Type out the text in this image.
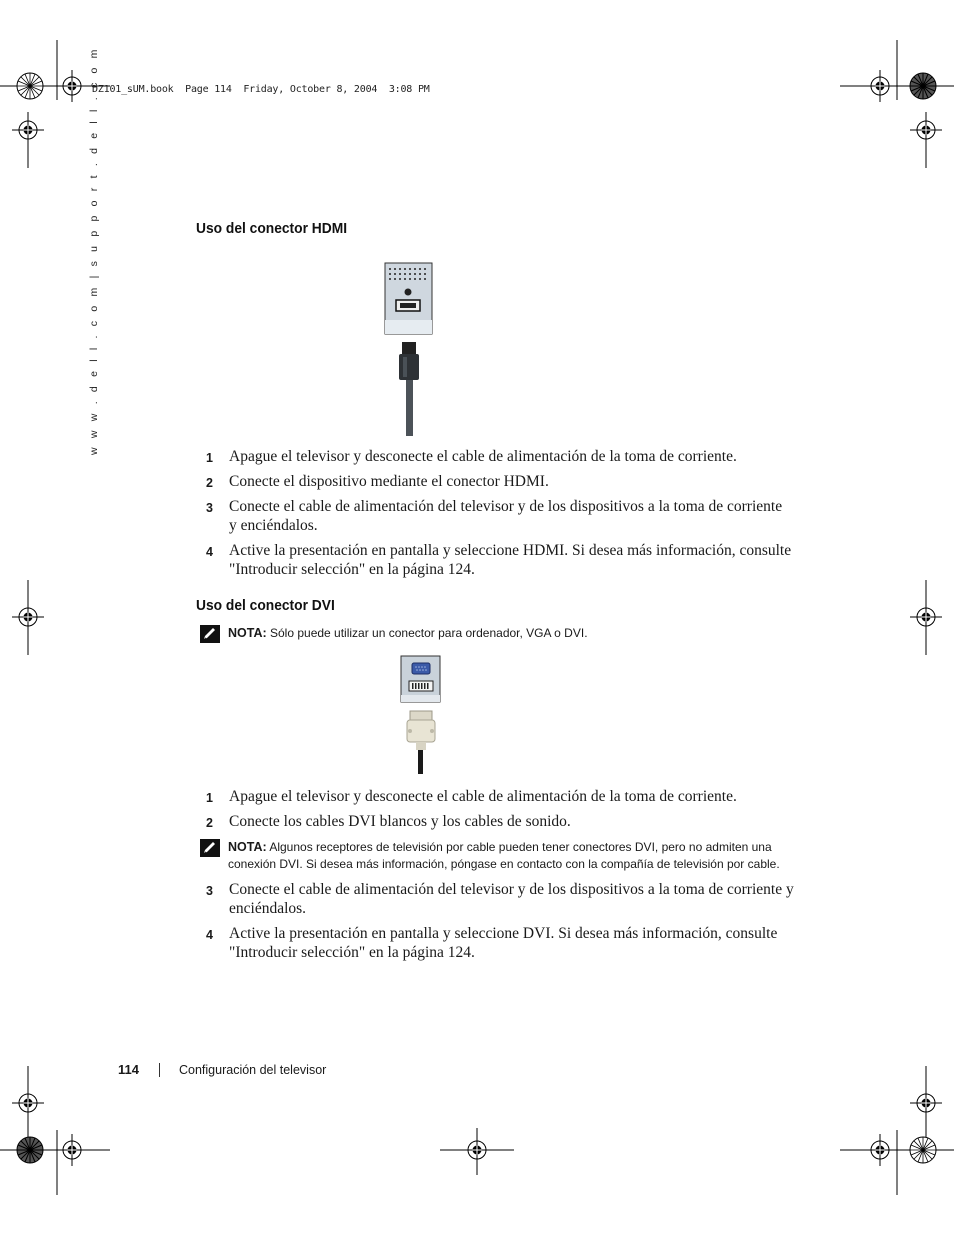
DZ101_sUM.book  Page 114  Friday, October 8, 2004  3:08 PM
w w w . d e l l . c o m | s u p p o r t . d e l l . c o m	Uso del conector HDMI
1	Apague el televisor y desconecte el cable de alimentación de la toma de corriente.
2	Conecte el dispositivo mediante el conector HDMI.
3	Conecte el cable de alimentación del televisor y de los dispositivos a la toma de corriente y enciéndalos.
4	Active la presentación en pantalla y seleccione HDMI. Si desea más información, consulte "Introducir selección" en la página 124.
Uso del conector DVI
NOTA: Sólo puede utilizar un conector para ordenador, VGA o DVI.
1	Apague el televisor y desconecte el cable de alimentación de la toma de corriente.
2	Conecte los cables DVI blancos y los cables de sonido.
NOTA: Algunos receptores de televisión por cable pueden tener conectores DVI, pero no admiten una conexión DVI. Si desea más información, póngase en contacto con la compañía de televisión por cable.
3	Conecte el cable de alimentación del televisor y de los dispositivos a la toma de corriente y enciéndalos.
4	Active la presentación en pantalla y seleccione DVI. Si desea más información, consulte "Introducir selección" en la página 124.
114	Configuración del televisor
